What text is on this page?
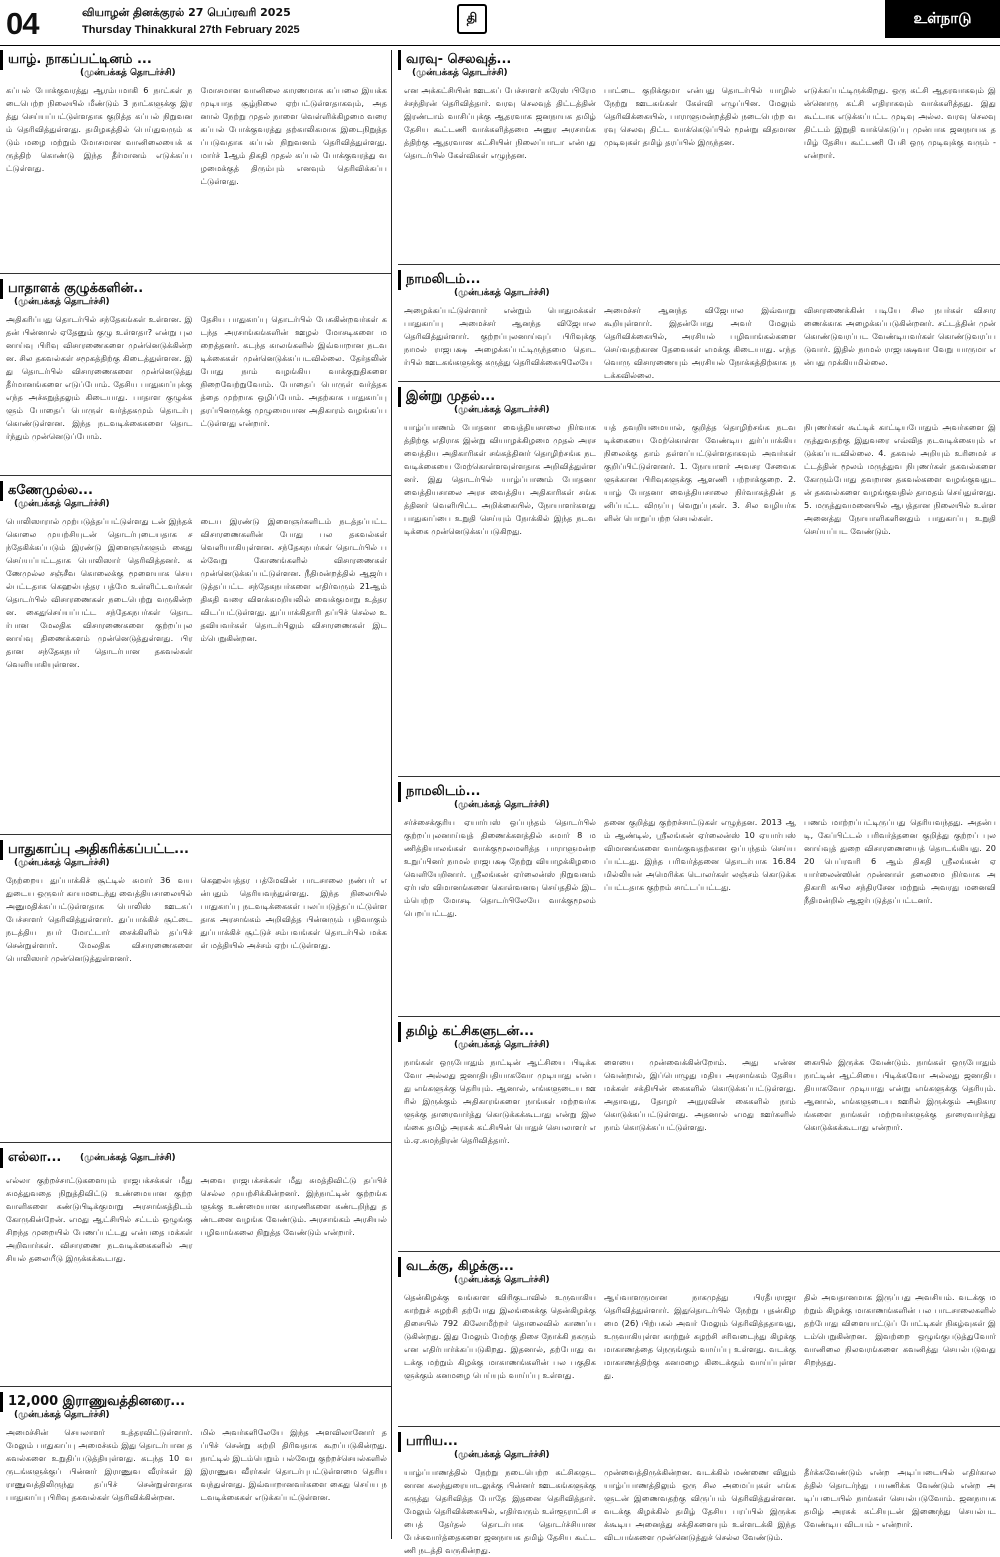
04	வியாழன் தினக்குரல் 27 பெப்ரவரி 2025
Thursday Thinakkural 27th February 2025
தி	உள்நாடு
யாழ். நாகப்பட்டினம் ...
(முன்பக்கத் தொடர்ச்சி)
கப்பல் போக்குவரத்து ஆரம்பமாகி 6 நாட்கள் நடைபெற்ற நிலையில் மீண்டும் 3 நாட்களுக்கு இரத்து செய்யப்பட்டுள்ளதாக குறித்த கப்பல் நிறுவனம் தெரிவித்துள்ளது. தமிழகத்தில் பெய்துவரும் கடும் மழை மற்றும் மோசமான வானிலையைக் கருத்திற் கொண்டு இந்த தீர்மானம் எடுக்கப்பட்டுள்ளது.
மோசமான வானிலை காரணமாக கப்பலை இயக்க முடியாத சூழ்நிலை ஏற்பட்டுள்ளதாகவும், அதனால் நேற்று முதல் நாளை வெள்ளிக்கிழமை வரை கப்பல் போக்குவரத்து தற்காலிகமாக இடைநிறுத்தப்படுவதாக கப்பல் நிறுவனம் தெரிவித்துள்ளது. மார்ச் 1ஆம் திகதி முதல் கப்பல் போக்குவரத்து வழமைக்குத் திரும்பும் எனவும் தெரிவிக்கப்பட்டுள்ளது.
பாதாளக் குழுக்களின்..
(முன்பக்கத் தொடர்ச்சி)
அதிகரிப்பது தொடர்பில் சந்தேகங்கள் உள்ளன. இதன் பின்னால் ஏதேனும் குழு உள்ளதா? என்று புலனாய்வு பிரிவு விசாரணைகளை முன்னெடுக்கின்றன. சில தகவல்கள் சமூகத்திற்கு கிடைத்துள்ளன. இது தொடர்பில் விசாரணைகளை முன்னெடுத்து தீர்மானங்களை எடுப்போம். தேசிய பாதுகாப்புக்கு எந்த அச்சுறுத்தலும் கிடையாது. பாதாள குழுக்களும் போதைப் பொருள் வர்த்தகமும் தொடர்பு கொண்டுள்ளன. இந்த நடவடிக்கைகளை தொடர்ந்தும் முன்னெடுப்போம்.
தேசிய பாதுகாப்பு தொடர்பில் பேசுகின்றவர்கள் கடந்த அரசாங்கங்களின் ஊழல் மோசடிகளை மறைத்தனர். கடந்த காலங்களில் இவ்வாறான நடவடிக்கைகள் முன்னெடுக்கப்படவில்லை. தேர்தலின் போது நாம் வழங்கிய வாக்குறுதிகளை நிறைவேற்றுவோம். போதைப் பொருள் வர்த்தகத்தை முற்றாக ஒழிப்போம். அதற்காக பாதுகாப்பு தரப்பினருக்கு முழுமையான அதிகாரம் வழங்கப்பட்டுள்ளது என்றார்.
கணேமுல்ல...
(முன்பக்கத் தொடர்ச்சி)
பொலிஸாரால் முற்படுத்தப்பட்டுள்ளது டன் இந்தக் கொலை முயற்சியுடன் தொடர்புடையதாக சந்தேகிக்கப்படும் இரண்டு இளைஞர்களும் கைது செய்யப்பட்டதாக பொலிஸார் தெரிவித்தனர். கணேமுல்ல சஞ்சீவ கொலைக்கு மூளையாக செயல்பட்டதாக கெஹல்பத்தர பத்மே உள்ளிட்டவர்கள் தொடர்பில் விசாரணைகள் நடைபெற்று வருகின்றன. கைதுசெய்யப்பட்ட சந்தேகநபர்கள் தொடர்பான மேலதிக விசாரணைகளை குற்றப்புலனாய்வு திணைக்களம் முன்னெடுத்துள்ளது. பிரதான சந்தேகநபர் தொடர்பான தகவல்கள் வெளியாகியுள்ளன.
டைய இரண்டு இளைஞர்களிடம் நடத்தப்பட்ட விசாரணைகளின் போது பல தகவல்கள் வெளியாகியுள்ளன. சந்தேகநபர்கள் தொடர்பில் பல்வேறு கோணங்களில் விசாரணைகள் முன்னெடுக்கப்பட்டுள்ளன. நீதிமன்றத்தில் ஆஜர்படுத்தப்பட்ட சந்தேகநபர்களை எதிர்வரும் 21ஆம் திகதி வரை விளக்கமறியலில் வைக்குமாறு உத்தரவிடப்பட்டுள்ளது. துப்பாக்கிதாரி தப்பிச் செல்ல உதவியவர்கள் தொடர்பிலும் விசாரணைகள் இடம்பெறுகின்றன.
பாதுகாப்பு அதிகரிக்கப்பட்ட...
(முன்பக்கத் தொடர்ச்சி)
நேற்றைய துப்பாக்கிச் சூட்டில் சுமார் 36 வயதுடைய ஒருவர் காயமடைந்து வைத்தியசாலையில் அனுமதிக்கப்பட்டுள்ளதாக பொலிஸ் ஊடகப் பேச்சாளர் தெரிவித்துள்ளார். துப்பாக்கிச் சூட்டை நடத்திய நபர் மோட்டார் சைக்கிளில் தப்பிச் சென்றுள்ளார். மேலதிக விசாரணைகளை பொலிஸார் முன்னெடுத்துள்ளனர்.
கெஹல்பத்தர பத்மேவின் பாடசாலை நண்பர் என்பதும் தெரியவந்துள்ளது. இந்த நிலையில் பாதுகாப்பு நடவடிக்கைகள் பலப்படுத்தப்பட்டுள்ளதாக அரசாங்கம் அறிவித்த பின்னரும் பதிவாகும் துப்பாக்கிச் சூட்டுச் சம்பவங்கள் தொடர்பில் மக்கள் மத்தியில் அச்சம் ஏற்பட்டுள்ளது.
எல்லா... (முன்பக்கத் தொடர்ச்சி)
எல்லா குற்றச்சாட்டுகளையும் ராஜபக்சக்கள் மீது சுமத்துவதை நிறுத்திவிட்டு உண்மையான குற்றவாளிகளை கண்டுபிடிக்குமாறு அரசாங்கத்திடம் கோருகின்றேன். எமது ஆட்சியில் சட்டம் ஒழுங்கு சிறந்த முறையில் பேணப்பட்டது என்பதை மக்கள் அறிவார்கள். விசாரணை நடவடிக்கைகளில் அரசியல் தலையீடு இருக்கக்கூடாது.
அவை ராஜபக்சக்கள் மீது சுமத்திவிட்டு தப்பிச் செல்ல முயற்சிக்கின்றனர். இந்நாட்டின் குற்றங்களுக்கு உண்மையான காரணிகளை கண்டறிந்து தண்டனை வழங்க வேண்டும். அரசாங்கம் அரசியல் பழிவாங்கலை நிறுத்த வேண்டும் என்றார்.
12,000 இராணுவத்தினரை...
(முன்பக்கத் தொடர்ச்சி)
அமைச்சின் செயலாளர் உத்தரவிட்டுள்ளார். மேலும் பாதுகாப்பு அமைச்சும் இது தொடர்பான தகவல்களை உறுதிப்படுத்தியுள்ளது. கடந்த 10 வருடங்களுக்குப் பின்னர் இராணுவ வீரர்கள் இராணுவத்திலிருந்து தப்பிச் சென்றுள்ளதாக பாதுகாப்பு பிரிவு தகவல்கள் தெரிவிக்கின்றன.
மில் அவர்களிலேயே இந்த அளவிலானோர் தப்பிச் சென்று சுற்றி திரிவதாக கூறப்படுகின்றது. நாட்டில் இடம்பெறும் பல்வேறு குற்றச்செயல்களில் இராணுவ வீரர்கள் தொடர்புபட்டுள்ளமை தெரியவந்துள்ளது. இவ்வாறானவர்களை கைது செய்ய நடவடிக்கைகள் எடுக்கப்பட்டுள்ளன.
வரவு- செலவுத்...
(முன்பக்கத் தொடர்ச்சி)
என அக்கட்சியின் ஊடகப் பேச்சாளர் சுரேஸ் பிரேமச்சந்திரன் தெரிவித்தார். வரவு செலவுத் திட்டத்தின் இரண்டாம் வாசிப்புக்கு ஆதரவாக ஜனநாயக தமிழ் தேசிய கூட்டணி வாக்களித்தமை அனுர அரசாங்கத்திற்கு ஆதரவான கட்சியின் நிலைப்பாடா என்பது தொடர்பில் கேள்விகள் எழுந்தன.
பாட்டை குறிக்குமா என்பது தொடர்பில் யாழில் நேற்று ஊடகங்கள் கேள்வி எழுப்பின. மேலும் தெரிவிக்கையில், பாராளுமன்றத்தில் நடைபெற்ற வரவு செலவு திட்ட வாக்கெடுப்பில் மூன்று விதமான முடிவுகள் தமிழ் தரப்பில் இருந்தன.
எடுக்கப்பட்டிருக்கிறது. ஒரு கட்சி ஆதரவாகவும் இன்னொரு கட்சி எதிராகவும் வாக்களித்தது. இது கூட்டாக எடுக்கப்பட்ட முடிவு அல்ல. வரவு செலவு திட்டம் இறுதி வாக்கெடுப்பு முன்பாக ஜனநாயக தமிழ் தேசிய கூட்டணி பேசி ஒரு முடிவுக்கு வரும் - என்றார்.
நாமலிடம்...
(முன்பக்கத் தொடர்ச்சி)
அழைக்கப்பட்டுள்ளார் என்றும் பொதுமக்கள் பாதுகாப்பு அமைச்சர் ஆனந்த விஜேபால தெரிவித்துள்ளார். குற்றப்புலனாய்வுப் பிரிவுக்கு நாமல் ராஜபக்ஷ அழைக்கப்பட்டிருந்தமை தொடர்பில் ஊடகங்களுக்கு கருத்து தெரிவிக்கையிலேயே
அமைச்சர் ஆனந்த விஜேபால இவ்வாறு கூறியுள்ளார். இதன்போது அவர் மேலும் தெரிவிக்கையில், அரசியல் பழிவாங்கல்களை செய்வதற்கான தேவைகள் எமக்கு கிடையாது. எந்தவொரு விசாரணையும் அரசியல் நோக்கத்திற்காக நடக்கவில்லை.
விசாரணைக்கின் படியே சில நபர்கள் விசாரணைக்காக அழைக்கப்படுகின்றனர். சட்டத்தின் முன் கொண்டுவரப்பட வேண்டியவர்கள் கொண்டுவரப்படுவார். இதில் நாமல் ராஜபக்ஷவா வேறு யாருமா என்பது முக்கியமில்லை.
இன்று முதல்...
(முன்பக்கத் தொடர்ச்சி)
யாழ்ப்பாணம் போதனா வைத்தியசாலை நிர்வாகத்திற்கு எதிராக இன்று வியாழக்கிழமை முதல் அரச வைத்திய அதிகாரிகள் சங்கத்தினர் தொழிற்சங்க நடவடிக்கையை மேற்கொள்ளவுள்ளதாக அறிவித்துள்ளனர். இது தொடர்பில் யாழ்ப்பாணம் போதனா வைத்தியசாலை அரச வைத்திய அதிகாரிகள் சங்கத்தினர் வெளியிட்ட அறிக்கையில், நோயாளர்களது பாதுகாப்பை உறுதி செய்யும் நோக்கில் இந்த நடவடிக்கை முன்னெடுக்கப்படுகிறது.
யத் தவறியமையால், குறித்த தொழிற்சங்க நடவடிக்கையை மேற்கொள்ள வேண்டிய துர்ப்பாக்கிய நிலைக்கு தாம் தள்ளப்பட்டுள்ளதாகவும் அவர்கள் குறிப்பிட்டுள்ளனர். 1. நோயாளர் அவசர சேவைகளுக்கான பிரிவுகளுக்கு ஆளணி பற்றாக்குறை. 2. யாழ் போதனா வைத்தியசாலை நிர்வாகத்தின் தனிப்பட்ட விருப்பு வெறுப்புகள். 3. சில வழியர்களின் பொறுப்பற்ற செயல்கள்.
நிபுணர்கள் கூட்டிக் காட்டியபோதும் அவர்களை இருத்துவதற்கு இதுவரை எவ்வித நடவடிக்கையும் எடுக்கப்படவில்லை. 4. தகவல் அறியும் உரிமைச் சட்டத்தின் மூலம் மருத்துவ நிபுணர்கள் தகவல்களை கோரும்போது தவறான தகவல்களை வழங்குவதுடன் தகவல்களை வழங்குவதில் தாமதம் செய்துள்ளது. 5. மருத்துவமனையில் ஆபத்தான நிலையில் உள்ள அனைத்து நோயாளிகளினதும் பாதுகாப்பு உறுதி செய்யப்பட வேண்டும்.
நாமலிடம்...
(முன்பக்கத் தொடர்ச்சி)
சர்ச்சைக்குரிய ஏயார்பஸ் ஒப்பந்தம் தொடர்பில் குற்றப்புலனாய்வுத் திணைக்களத்தில் சுமார் 8 மணித்தியாலங்கள் வாக்குமூலமளித்த பாராளுமன்ற உறுப்பினர் நாமல் ராஜபக்ஷ நேற்று வியாழக்கிழமை வெளியேறினார். ஸ்ரீலங்கன் ஏர்லைன்ஸ் நிறுவனம் ஏர்பஸ் விமானங்களை கொள்வனவு செய்ததில் இடம்பெற்ற மோசடி தொடர்பிலேயே வாக்குமூலம் பெறப்பட்டது.
தனை குறித்து குற்றச்சாட்டுகள் எழுந்தன. 2013 ஆம் ஆண்டில், ஸ்ரீலங்கன் ஏர்லைன்ஸ் 10 ஏயார்பஸ் விமானங்களை வாங்குவதற்கான ஒப்பந்தம் செய்யப்பட்டது. இந்த பரிவர்த்தனை தொடர்பாக 16.84 மில்லியன் அமெரிக்க டொலர்கள் லஞ்சம் கொடுக்கப்பட்டதாக குற்றம் சாட்டப்பட்டது.
பணம் மாற்றப்பட்டிருப்பது தெரியவந்தது. அதன்படி, கேப்பிட்டல் பரிவர்த்தனை குறித்து குற்றப் புலனாய்வுத் துறை விசாரணையைத் தொடங்கியது. 2020 பெப்ரவரி 6 ஆம் திகதி ஸ்ரீலங்கன் ஏயார்லைன்ஸின் முன்னாள் தலைமை நிர்வாக அதிகாரி கபில சந்திரசேன மற்றும் அவரது மனைவி நீதிமன்றில் ஆஜர்படுத்தப்பட்டனர்.
தமிழ் கட்சிகளுடன்...
(முன்பக்கத் தொடர்ச்சி)
நாங்கள் ஒருபோதும் நாட்டின் ஆட்சியை பிடிக்கவோ அல்லது ஜனாதிபதியாகவோ முடியாது என்பது எங்களுக்கு தெரியும். ஆனால், எங்களுடைய ஊரில் இருக்கும் அதிகாரங்களை நாங்கள் மற்றவர்களுக்கு தாரைவார்த்து கொடுக்கக்கூடாது என்று இலங்கை தமிழ் அரசுக் கட்சியின் பொதுச் செயலாளர் எம்.ஏ.சுமந்திரன் தெரிவித்தார்.
ளையை முன்வைக்கின்றோம். அது என்னவென்றால், இப்பொழுது மதிய அரசாங்கம் தேசிய மக்கள் சக்தியின் கைகளில் கொடுக்கப்பட்டுள்ளது. அதாவது, தோழர் அநுரவின் கைகளில் நாம் கொடுக்கப்பட்டுள்ளது. அதனால் எமது ஊர்களில் நாம் கொடுக்கப்பட்டுள்ளது.
கையில் இருக்க வேண்டும். நாங்கள் ஒருபோதும் நாட்டின் ஆட்சியை பிடிக்கவோ அல்லது ஜனாதிபதியாகவோ முடியாது என்று எங்களுக்கு தெரியும். ஆனால், எங்களுடைய ஊரில் இருக்கும் அதிகாரங்களை நாங்கள் மற்றவர்களுக்கு தாரைவார்த்து கொடுக்கக்கூடாது என்றார்.
வடக்கு, கிழக்கு...
(முன்பக்கத் தொடர்ச்சி)
தென்கிழக்கு வங்காள விரிகுடாவில் உருவாகிய காற்றுச் சுழற்சி தற்போது இலங்கைக்கு தென்கிழக்கு திசையில் 792 கிலோமீற்றர் தொலைவில் காணப்படுகின்றது. இது மேலும் மேற்கு திசை நோக்கி நகரும் என எதிர்பார்க்கப்படுகிறது. இதனால், தற்போது வடக்கு மற்றும் கிழக்கு மாகாணங்களின் பல பகுதிகளுக்கும் கனமழை பெய்யும் வாய்ப்பு உள்ளது.
ஆய்வாளருமான நாகமுத்து பிரதீபராஜா தெரிவித்துள்ளார். இதுதொடர்பில் நேற்று புதன்கிழமை (26) பிற்பகல் அவர் மேலும் தெரிவித்ததாவது, உருவாகியுள்ள காற்றுச் சுழற்சி சரிவடைந்து கிழக்கு மாகாணத்தை நெருங்கும் வாய்ப்பு உள்ளது. வடக்கு மாகாணத்திற்கு கனமழை கிடைக்கும் வாய்ப்புள்ளது.
தில் அவதானமாக இருப்பது அவசியம். வடக்கு மற்றும் கிழக்கு மாகாணங்களின் பல பாடசாலைகளில் தற்போது விளையாட்டுப் போட்டிகள் நிகழ்வுகள் இடம்பெறுகின்றன. இவற்றை ஒழுங்குபடுத்துவோர் வானிலை நிலவரங்களை கவனித்து செயல்படுவது சிறந்தது.
பாரிய...
(முன்பக்கத் தொடர்ச்சி)
யாழ்ப்பாணத்தில் நேற்று நடைபெற்ற கட்சிகளுடனான கலந்துரையாடலுக்கு பின்னர் ஊடகங்களுக்கு கருத்து தெரிவித்த போதே இதனை தெரிவித்தார். மேலும் தெரிவிக்கையில், எதிர்வரும் உள்ளூராட்சி சபைத் தேர்தல் தொடர்பாக தொடர்ச்சியான பேச்சுவார்த்தைகளை ஜனநாயக தமிழ் தேசிய கூட்டணி நடத்தி வருகின்றது.
முன்வைத்திருக்கின்றன. வடக்கில் மண்ணை விதும் யாழ்ப்பாணத்திலும் ஒரு சில அமைப்புகள் எங்களுடன் இணைவதற்கு விருப்பம் தெரிவித்துள்ளன. வடக்கு கிழக்கில் தமிழ் தேசிய பரப்பில் இருக்கக்கூடிய அனைத்து சக்திகளையும் உள்ளடக்கி இந்த விடயங்களை முன்னெடுத்துச் செல்ல வேண்டும்.
தீர்க்கவேண்டும் என்ற அடிப்படையில் எதிர்காலத்தில் தொடர்ந்து பயணிக்க வேண்டும் என்ற அடிப்படையில் நாங்கள் செயல்படுவோம். ஜனநாயக தமிழ் அரசுக் கட்சியுடன் இணைந்து செயல்பட வேண்டிய விடயம் - என்றார்.
